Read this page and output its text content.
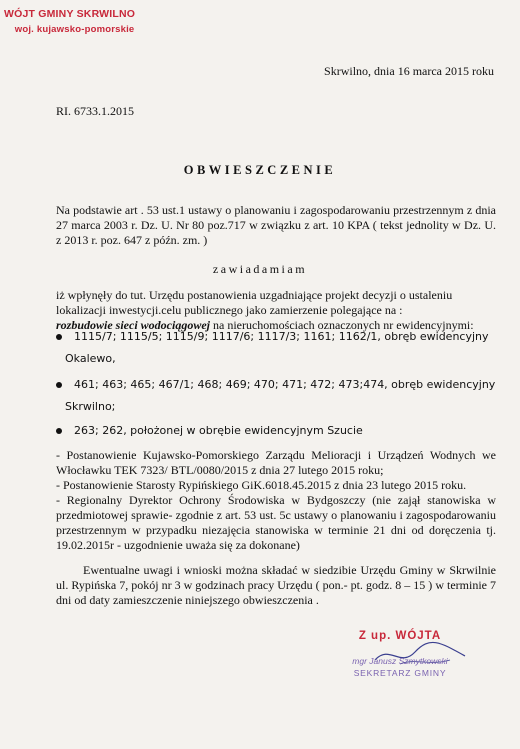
WÓJT GMINY SKRWILNO
woj. kujawsko-pomorskie
Skrwilno, dnia 16 marca 2015 roku
RI. 6733.1.2015
OBWIESZCZENIE

Na podstawie art . 53 ust.1 ustawy o planowaniu i zagospodarowaniu przestrzennym z dnia 27 marca 2003 r. Dz. U. Nr 80 poz.717 w związku z art. 10 KPA ( tekst jednolity w Dz. U. z 2013 r. poz. 647 z późn. zm. )

zawiadamiam

iż wpłynęły do tut. Urzędu postanowienia uzgadniające projekt decyzji o ustaleniu lokalizacji inwestycji.celu publicznego jako zamierzenie polegające na :
rozbudowie sieci wodociągowej na nieruchomościach oznaczonych nr ewidencyjnymi:

1115/7; 1115/5; 1115/9; 1117/6; 1117/3; 1161; 1162/1, obręb ewidencyjny
Okalewo,
461; 463; 465; 467/1; 468; 469; 470; 471; 472; 473;474, obręb ewidencyjny
Skrwilno;
263; 262, położonej w obrębie ewidencyjnym Szucie
- Postanowienie Kujawsko-Pomorskiego Zarządu Melioracji i Urządzeń Wodnych we Włocławku TEK 7323/ BTL/0080/2015 z dnia 27 lutego 2015 roku;
- Postanowienie Starosty Rypińskiego GiK.6018.45.2015 z dnia 23 lutego 2015 roku.
- Regionalny Dyrektor Ochrony Środowiska w Bydgoszczy (nie zajął stanowiska w przedmiotowej sprawie- zgodnie z art. 53 ust. 5c ustawy o planowaniu i zagospodarowaniu przestrzennym w przypadku niezajęcia stanowiska w terminie 21 dni od doręczenia tj. 19.02.2015r - uzgodnienie uważa się za dokonane)

Ewentualne uwagi i wnioski można składać w siedzibie Urzędu Gminy w Skrwilnie ul. Rypińska 7, pokój nr 3 w godzinach pracy Urzędu ( pon.- pt. godz. 8 – 15 ) w terminie 7 dni od daty zamieszczenie niniejszego obwieszczenia .

Z up. WÓJTA
mgr Janusz Szmytkowski
SEKRETARZ GMINY
